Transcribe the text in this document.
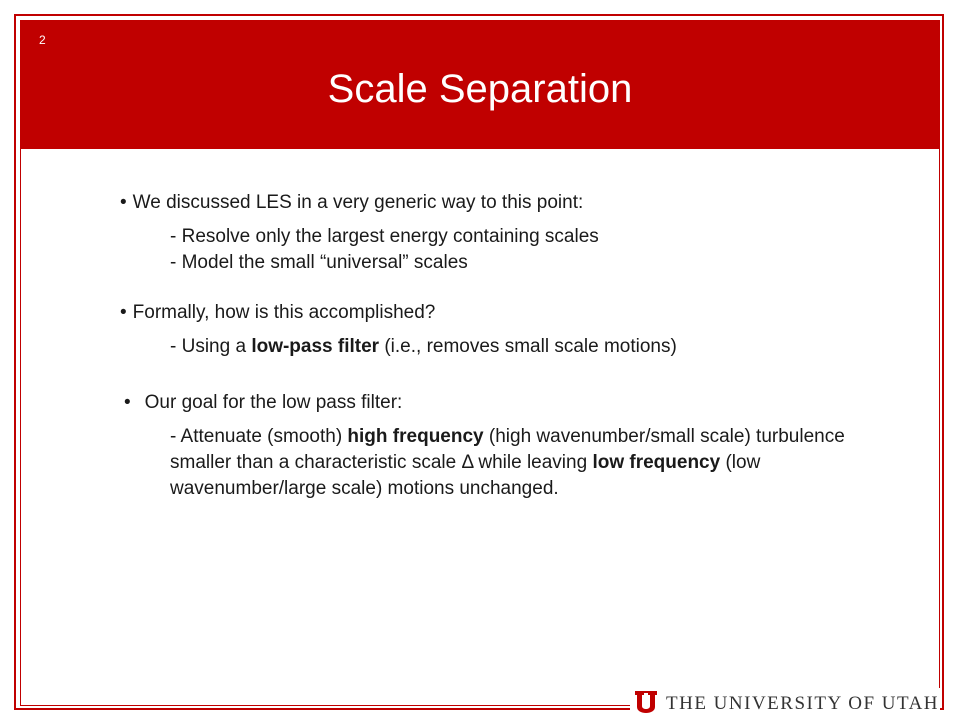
2
Scale Separation
• We discussed LES in a very generic way to this point:
- Resolve only the largest energy containing scales
- Model the small “universal” scales
• Formally, how is this accomplished?
- Using a low-pass filter (i.e., removes small scale motions)
• Our goal for the low pass filter:
- Attenuate (smooth) high frequency (high wavenumber/small scale) turbulence smaller than a characteristic scale Δ while leaving low frequency (low wavenumber/large scale) motions unchanged.
THE UNIVERSITY OF UTAH
